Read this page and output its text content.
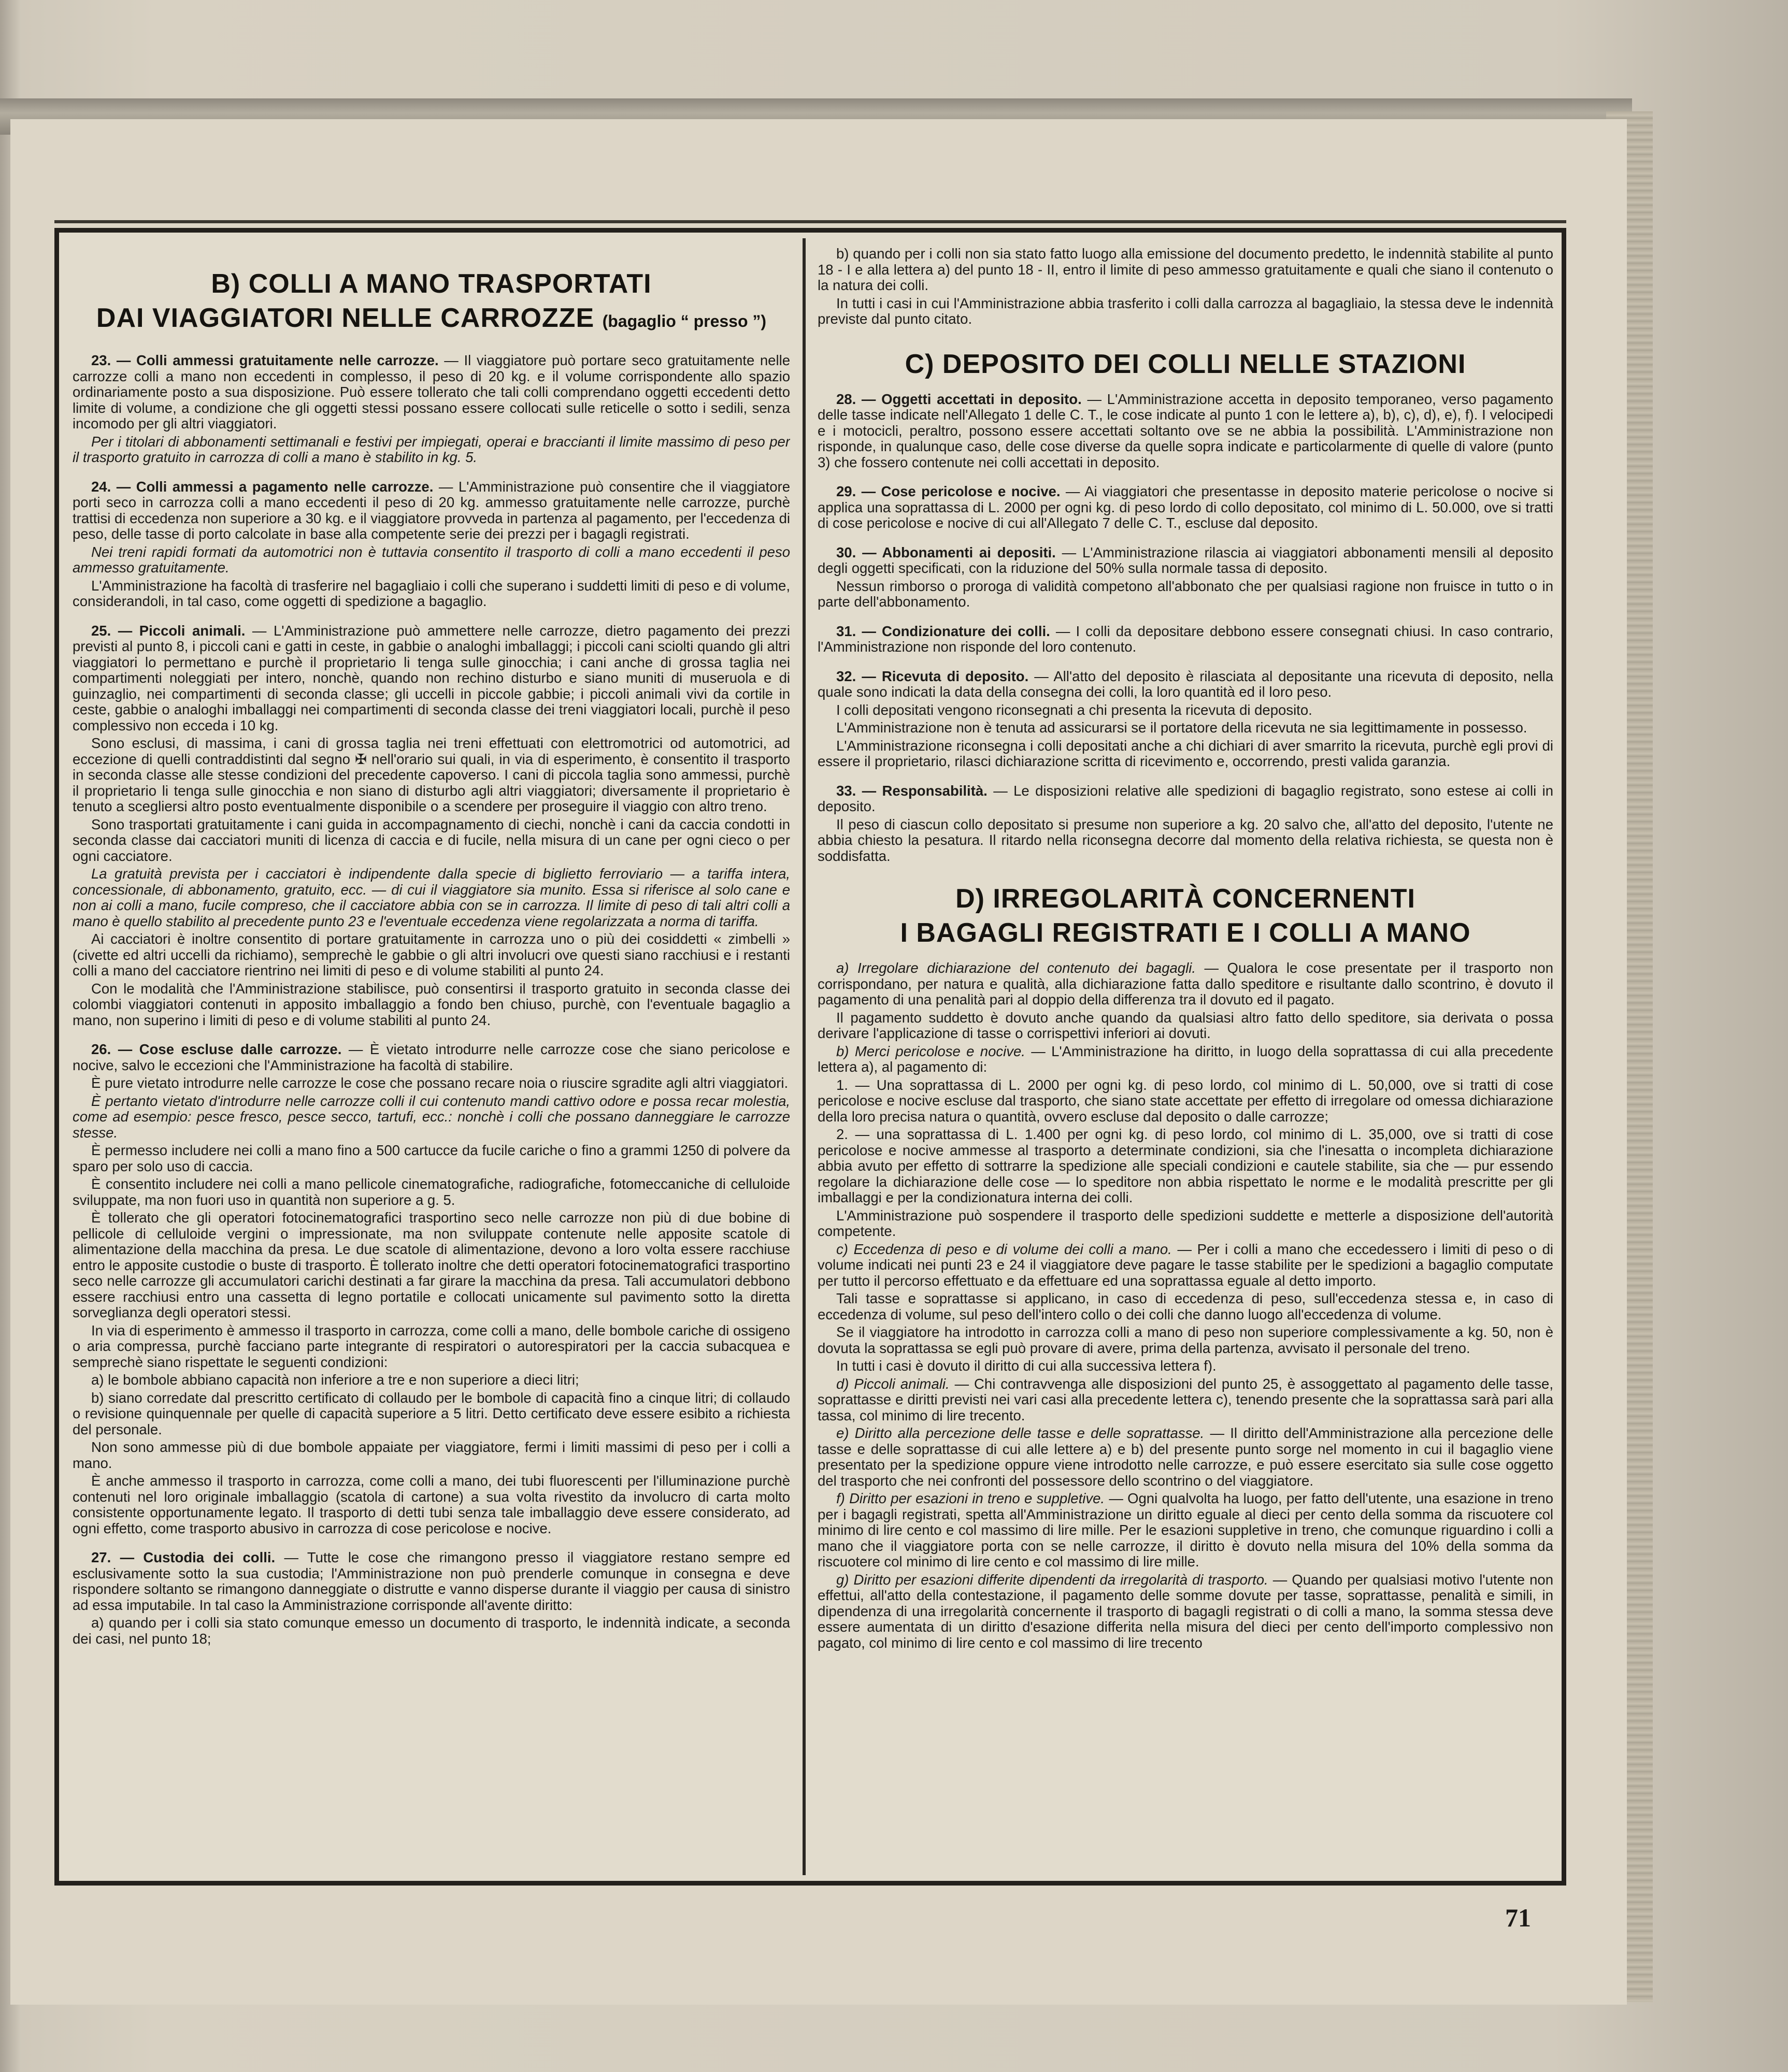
B) COLLI A MANO TRASPORTATI
DAI VIAGGIATORI NELLE CARROZZE (bagaglio “ presso ”)

23. — Colli ammessi gratuitamente nelle carrozze. — Il viaggiatore può portare seco gratuitamente nelle carrozze colli a mano non eccedenti in complesso, il peso di 20 kg. e il volume corrispondente allo spazio ordinariamente posto a sua disposizione. Può essere tollerato che tali colli comprendano oggetti eccedenti detto limite di volume, a condizione che gli oggetti stessi possano essere collocati sulle reticelle o sotto i sedili, senza incomodo per gli altri viaggiatori.

Per i titolari di abbonamenti settimanali e festivi per impiegati, operai e braccianti il limite massimo di peso per il trasporto gratuito in carrozza di colli a mano è stabilito in kg. 5.

24. — Colli ammessi a pagamento nelle carrozze. — L'Amministrazione può consentire che il viaggiatore porti seco in carrozza colli a mano eccedenti il peso di 20 kg. ammesso gratuitamente nelle carrozze, purchè trattisi di eccedenza non superiore a 30 kg. e il viaggiatore provveda in partenza al pagamento, per l'eccedenza di peso, delle tasse di porto calcolate in base alla competente serie dei prezzi per i bagagli registrati.

Nei treni rapidi formati da automotrici non è tuttavia consentito il trasporto di colli a mano eccedenti il peso ammesso gratuitamente.

L'Amministrazione ha facoltà di trasferire nel bagagliaio i colli che superano i suddetti limiti di peso e di volume, considerandoli, in tal caso, come oggetti di spedizione a bagaglio.

25. — Piccoli animali. — L'Amministrazione può ammettere nelle carrozze, dietro pagamento dei prezzi previsti al punto 8, i piccoli cani e gatti in ceste, in gabbie o analoghi imballaggi; i piccoli cani sciolti quando gli altri viaggiatori lo permettano e purchè il proprietario li tenga sulle ginocchia; i cani anche di grossa taglia nei compartimenti noleggiati per intero, nonchè, quando non rechino disturbo e siano muniti di museruola e di guinzaglio, nei compartimenti di seconda classe; gli uccelli in piccole gabbie; i piccoli animali vivi da cortile in ceste, gabbie o analoghi imballaggi nei compartimenti di seconda classe dei treni viaggiatori locali, purchè il peso complessivo non ecceda i 10 kg.

Sono esclusi, di massima, i cani di grossa taglia nei treni effettuati con elettromotrici od automotrici, ad eccezione di quelli contraddistinti dal segno ✠ nell'orario sui quali, in via di esperimento, è consentito il trasporto in seconda classe alle stesse condizioni del precedente capoverso. I cani di piccola taglia sono ammessi, purchè il proprietario li tenga sulle ginocchia e non siano di disturbo agli altri viaggiatori; diversamente il proprietario è tenuto a scegliersi altro posto eventualmente disponibile o a scendere per proseguire il viaggio con altro treno.

Sono trasportati gratuitamente i cani guida in accompagnamento di ciechi, nonchè i cani da caccia condotti in seconda classe dai cacciatori muniti di licenza di caccia e di fucile, nella misura di un cane per ogni cieco o per ogni cacciatore.

La gratuità prevista per i cacciatori è indipendente dalla specie di biglietto ferroviario — a tariffa intera, concessionale, di abbonamento, gratuito, ecc. — di cui il viaggiatore sia munito. Essa si riferisce al solo cane e non ai colli a mano, fucile compreso, che il cacciatore abbia con se in carrozza. Il limite di peso di tali altri colli a mano è quello stabilito al precedente punto 23 e l'eventuale eccedenza viene regolarizzata a norma di tariffa.

Ai cacciatori è inoltre consentito di portare gratuitamente in carrozza uno o più dei cosiddetti « zimbelli » (civette ed altri uccelli da richiamo), semprechè le gabbie o gli altri involucri ove questi siano racchiusi e i restanti colli a mano del cacciatore rientrino nei limiti di peso e di volume stabiliti al punto 24.

Con le modalità che l'Amministrazione stabilisce, può consentirsi il trasporto gratuito in seconda classe dei colombi viaggiatori contenuti in apposito imballaggio a fondo ben chiuso, purchè, con l'eventuale bagaglio a mano, non superino i limiti di peso e di volume stabiliti al punto 24.

26. — Cose escluse dalle carrozze. — È vietato introdurre nelle carrozze cose che siano pericolose e nocive, salvo le eccezioni che l'Amministrazione ha facoltà di stabilire.

È pure vietato introdurre nelle carrozze le cose che possano recare noia o riuscire sgradite agli altri viaggiatori.

È pertanto vietato d'introdurre nelle carrozze colli il cui contenuto mandi cattivo odore e possa recar molestia, come ad esempio: pesce fresco, pesce secco, tartufi, ecc.: nonchè i colli che possano danneggiare le carrozze stesse.

È permesso includere nei colli a mano fino a 500 cartucce da fucile cariche o fino a grammi 1250 di polvere da sparo per solo uso di caccia.

È consentito includere nei colli a mano pellicole cinematografiche, radiografiche, fotomeccaniche di celluloide sviluppate, ma non fuori uso in quantità non superiore a g. 5.

È tollerato che gli operatori fotocinematografici trasportino seco nelle carrozze non più di due bobine di pellicole di celluloide vergini o impressionate, ma non sviluppate contenute nelle apposite scatole di alimentazione della macchina da presa. Le due scatole di alimentazione, devono a loro volta essere racchiuse entro le apposite custodie o buste di trasporto. È tollerato inoltre che detti operatori fotocinematografici trasportino seco nelle carrozze gli accumulatori carichi destinati a far girare la macchina da presa. Tali accumulatori debbono essere racchiusi entro una cassetta di legno portatile e collocati unicamente sul pavimento sotto la diretta sorveglianza degli operatori stessi.

In via di esperimento è ammesso il trasporto in carrozza, come colli a mano, delle bombole cariche di ossigeno o aria compressa, purchè facciano parte integrante di respiratori o autorespiratori per la caccia subacquea e semprechè siano rispettate le seguenti condizioni:

a) le bombole abbiano capacità non inferiore a tre e non superiore a dieci litri;

b) siano corredate dal prescritto certificato di collaudo per le bombole di capacità fino a cinque litri; di collaudo o revisione quinquennale per quelle di capacità superiore a 5 litri. Detto certificato deve essere esibito a richiesta del personale.

Non sono ammesse più di due bombole appaiate per viaggiatore, fermi i limiti massimi di peso per i colli a mano.

È anche ammesso il trasporto in carrozza, come colli a mano, dei tubi fluorescenti per l'illuminazione purchè contenuti nel loro originale imballaggio (scatola di cartone) a sua volta rivestito da involucro di carta molto consistente opportunamente legato. Il trasporto di detti tubi senza tale imballaggio deve essere considerato, ad ogni effetto, come trasporto abusivo in carrozza di cose pericolose e nocive.

27. — Custodia dei colli. — Tutte le cose che rimangono presso il viaggiatore restano sempre ed esclusivamente sotto la sua custodia; l'Amministrazione non può prenderle comunque in consegna e deve rispondere soltanto se rimangono danneggiate o distrutte e vanno disperse durante il viaggio per causa di sinistro ad essa imputabile. In tal caso la Amministrazione corrisponde all'avente diritto:

a) quando per i colli sia stato comunque emesso un documento di trasporto, le indennità indicate, a seconda dei casi, nel punto 18;

b) quando per i colli non sia stato fatto luogo alla emissione del documento predetto, le indennità stabilite al punto 18 - I e alla lettera a) del punto 18 - II, entro il limite di peso ammesso gratuitamente e quali che siano il contenuto o la natura dei colli.

In tutti i casi in cui l'Amministrazione abbia trasferito i colli dalla carrozza al bagagliaio, la stessa deve le indennità previste dal punto citato.

C) DEPOSITO DEI COLLI NELLE STAZIONI

28. — Oggetti accettati in deposito. — L'Amministrazione accetta in deposito temporaneo, verso pagamento delle tasse indicate nell'Allegato 1 delle C. T., le cose indicate al punto 1 con le lettere a), b), c), d), e), f). I velocipedi e i motocicli, peraltro, possono essere accettati soltanto ove se ne abbia la possibilità. L'Amministrazione non risponde, in qualunque caso, delle cose diverse da quelle sopra indicate e particolarmente di quelle di valore (punto 3) che fossero contenute nei colli accettati in deposito.

29. — Cose pericolose e nocive. — Ai viaggiatori che presentasse in deposito materie pericolose o nocive si applica una soprattassa di L. 2000 per ogni kg. di peso lordo di collo depositato, col minimo di L. 50.000, ove si tratti di cose pericolose e nocive di cui all'Allegato 7 delle C. T., escluse dal deposito.

30. — Abbonamenti ai depositi. — L'Amministrazione rilascia ai viaggiatori abbonamenti mensili al deposito degli oggetti specificati, con la riduzione del 50% sulla normale tassa di deposito.

Nessun rimborso o proroga di validità competono all'abbonato che per qualsiasi ragione non fruisce in tutto o in parte dell'abbonamento.

31. — Condizionature dei colli. — I colli da depositare debbono essere consegnati chiusi. In caso contrario, l'Amministrazione non risponde del loro contenuto.

32. — Ricevuta di deposito. — All'atto del deposito è rilasciata al depositante una ricevuta di deposito, nella quale sono indicati la data della consegna dei colli, la loro quantità ed il loro peso.

I colli depositati vengono riconsegnati a chi presenta la ricevuta di deposito.

L'Amministrazione non è tenuta ad assicurarsi se il portatore della ricevuta ne sia legittimamente in possesso.

L'Amministrazione riconsegna i colli depositati anche a chi dichiari di aver smarrito la ricevuta, purchè egli provi di essere il proprietario, rilasci dichiarazione scritta di ricevimento e, occorrendo, presti valida garanzia.

33. — Responsabilità. — Le disposizioni relative alle spedizioni di bagaglio registrato, sono estese ai colli in deposito.

Il peso di ciascun collo depositato si presume non superiore a kg. 20 salvo che, all'atto del deposito, l'utente ne abbia chiesto la pesatura. Il ritardo nella riconsegna decorre dal momento della relativa richiesta, se questa non è soddisfatta.

D) IRREGOLARITÀ CONCERNENTI
I BAGAGLI REGISTRATI E I COLLI A MANO

a) Irregolare dichiarazione del contenuto dei bagagli. — Qualora le cose presentate per il trasporto non corrispondano, per natura e qualità, alla dichiarazione fatta dallo speditore e risultante dallo scontrino, è dovuto il pagamento di una penalità pari al doppio della differenza tra il dovuto ed il pagato.

Il pagamento suddetto è dovuto anche quando da qualsiasi altro fatto dello speditore, sia derivata o possa derivare l'applicazione di tasse o corrispettivi inferiori ai dovuti.

b) Merci pericolose e nocive. — L'Amministrazione ha diritto, in luogo della soprattassa di cui alla precedente lettera a), al pagamento di:

1. — Una soprattassa di L. 2000 per ogni kg. di peso lordo, col minimo di L. 50,000, ove si tratti di cose pericolose e nocive escluse dal trasporto, che siano state accettate per effetto di irregolare od omessa dichiarazione della loro precisa natura o quantità, ovvero escluse dal deposito o dalle carrozze;

2. — una soprattassa di L. 1.400 per ogni kg. di peso lordo, col minimo di L. 35,000, ove si tratti di cose pericolose e nocive ammesse al trasporto a determinate condizioni, sia che l'inesatta o incompleta dichiarazione abbia avuto per effetto di sottrarre la spedizione alle speciali condizioni e cautele stabilite, sia che — pur essendo regolare la dichiarazione delle cose — lo speditore non abbia rispettato le norme e le modalità prescritte per gli imballaggi e per la condizionatura interna dei colli.

L'Amministrazione può sospendere il trasporto delle spedizioni suddette e metterle a disposizione dell'autorità competente.

c) Eccedenza di peso e di volume dei colli a mano. — Per i colli a mano che eccedessero i limiti di peso o di volume indicati nei punti 23 e 24 il viaggiatore deve pagare le tasse stabilite per le spedizioni a bagaglio computate per tutto il percorso effettuato e da effettuare ed una soprattassa eguale al detto importo.

Tali tasse e soprattasse si applicano, in caso di eccedenza di peso, sull'eccedenza stessa e, in caso di eccedenza di volume, sul peso dell'intero collo o dei colli che danno luogo all'eccedenza di volume.

Se il viaggiatore ha introdotto in carrozza colli a mano di peso non superiore complessivamente a kg. 50, non è dovuta la soprattassa se egli può provare di avere, prima della partenza, avvisato il personale del treno.

In tutti i casi è dovuto il diritto di cui alla successiva lettera f).

d) Piccoli animali. — Chi contravvenga alle disposizioni del punto 25, è assoggettato al pagamento delle tasse, soprattasse e diritti previsti nei vari casi alla precedente lettera c), tenendo presente che la soprattassa sarà pari alla tassa, col minimo di lire trecento.

e) Diritto alla percezione delle tasse e delle soprattasse. — Il diritto dell'Amministrazione alla percezione delle tasse e delle soprattasse di cui alle lettere a) e b) del presente punto sorge nel momento in cui il bagaglio viene presentato per la spedizione oppure viene introdotto nelle carrozze, e può essere esercitato sia sulle cose oggetto del trasporto che nei confronti del possessore dello scontrino o del viaggiatore.

f) Diritto per esazioni in treno e suppletive. — Ogni qualvolta ha luogo, per fatto dell'utente, una esazione in treno per i bagagli registrati, spetta all'Amministrazione un diritto eguale al dieci per cento della somma da riscuotere col minimo di lire cento e col massimo di lire mille. Per le esazioni suppletive in treno, che comunque riguardino i colli a mano che il viaggiatore porta con se nelle carrozze, il diritto è dovuto nella misura del 10% della somma da riscuotere col minimo di lire cento e col massimo di lire mille.

g) Diritto per esazioni differite dipendenti da irregolarità di trasporto. — Quando per qualsiasi motivo l'utente non effettui, all'atto della contestazione, il pagamento delle somme dovute per tasse, soprattasse, penalità e simili, in dipendenza di una irregolarità concernente il trasporto di bagagli registrati o di colli a mano, la somma stessa deve essere aumentata di un diritto d'esazione differita nella misura del dieci per cento dell'importo complessivo non pagato, col minimo di lire cento e col massimo di lire trecento

71
